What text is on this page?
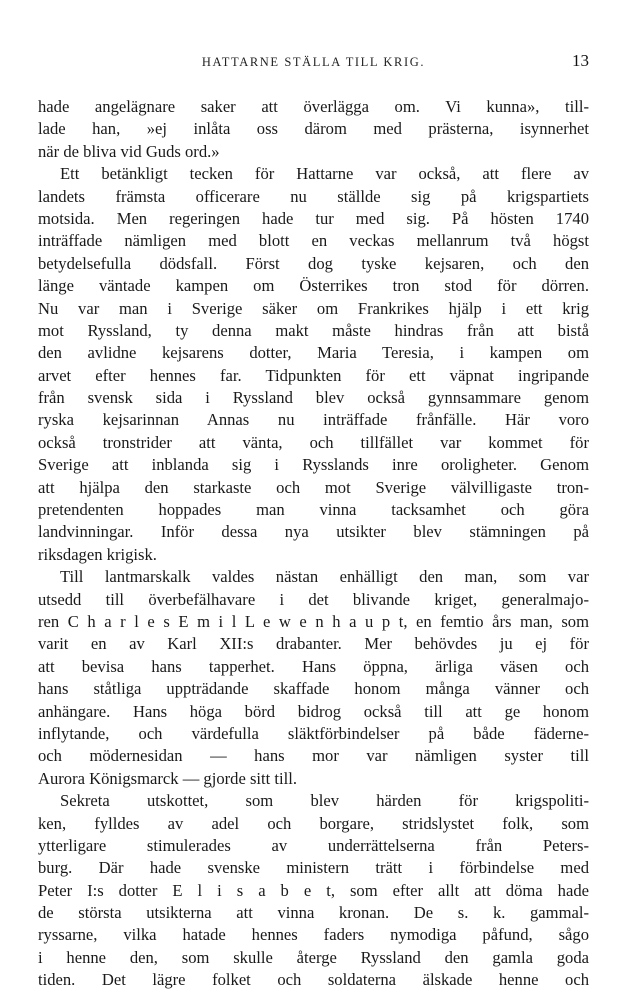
HATTARNE STÄLLA TILL KRIG.	13
hade angelägnare saker att överlägga om. Vi kunna», till-
lade han, »ej inlåta oss därom med prästerna, isynnerhet
när de bliva vid Guds ord.»
Ett betänkligt tecken för Hattarne var också, att flere av
landets främsta officerare nu ställde sig på krigspartiets
motsida. Men regeringen hade tur med sig. På hösten 1740
inträffade nämligen med blott en veckas mellanrum två högst
betydelsefulla dödsfall. Först dog tyske kejsaren, och den
länge väntade kampen om Österrikes tron stod för dörren.
Nu var man i Sverige säker om Frankrikes hjälp i ett krig
mot Ryssland, ty denna makt måste hindras från att bistå
den avlidne kejsarens dotter, Maria Teresia, i kampen om
arvet efter hennes far. Tidpunkten för ett väpnat ingripande
från svensk sida i Ryssland blev också gynnsammare genom
ryska kejsarinnan Annas nu inträffade frånfälle. Här voro
också tronstrider att vänta, och tillfället var kommet för
Sverige att inblanda sig i Rysslands inre oroligheter. Genom
att hjälpa den starkaste och mot Sverige välvilligaste tron-
pretendenten hoppades man vinna tacksamhet och göra
landvinningar. Inför dessa nya utsikter blev stämningen på
riksdagen krigisk.
Till lantmarskalk valdes nästan enhälligt den man, som var
utsedd till överbefälhavare i det blivande kriget, generalmajo-
ren C h a r l e s E m i l L e w e n h a u p t, en femtio års man, som
varit en av Karl XII:s drabanter. Mer behövdes ju ej för
att bevisa hans tapperhet. Hans öppna, ärliga väsen och
hans ståtliga uppträdande skaffade honom många vänner och
anhängare. Hans höga börd bidrog också till att ge honom
inflytande, och värdefulla släktförbindelser på både fäderne-
och mödernesidan — hans mor var nämligen syster till
Aurora Königsmarck — gjorde sitt till.
Sekreta utskottet, som blev härden för krigspoliti-
ken, fylldes av adel och borgare, stridslystet folk, som
ytterligare stimulerades av underrättelserna från Peters-
burg. Där hade svenske ministern trätt i förbindelse med
Peter I:s dotter E l i s a b e t, som efter allt att döma hade
de största utsikterna att vinna kronan. De s. k. gammal-
ryssarne, vilka hatade hennes faders nymodiga påfund, sågo
i henne den, som skulle återge Ryssland den gamla goda
tiden. Det lägre folket och soldaterna älskade henne och
